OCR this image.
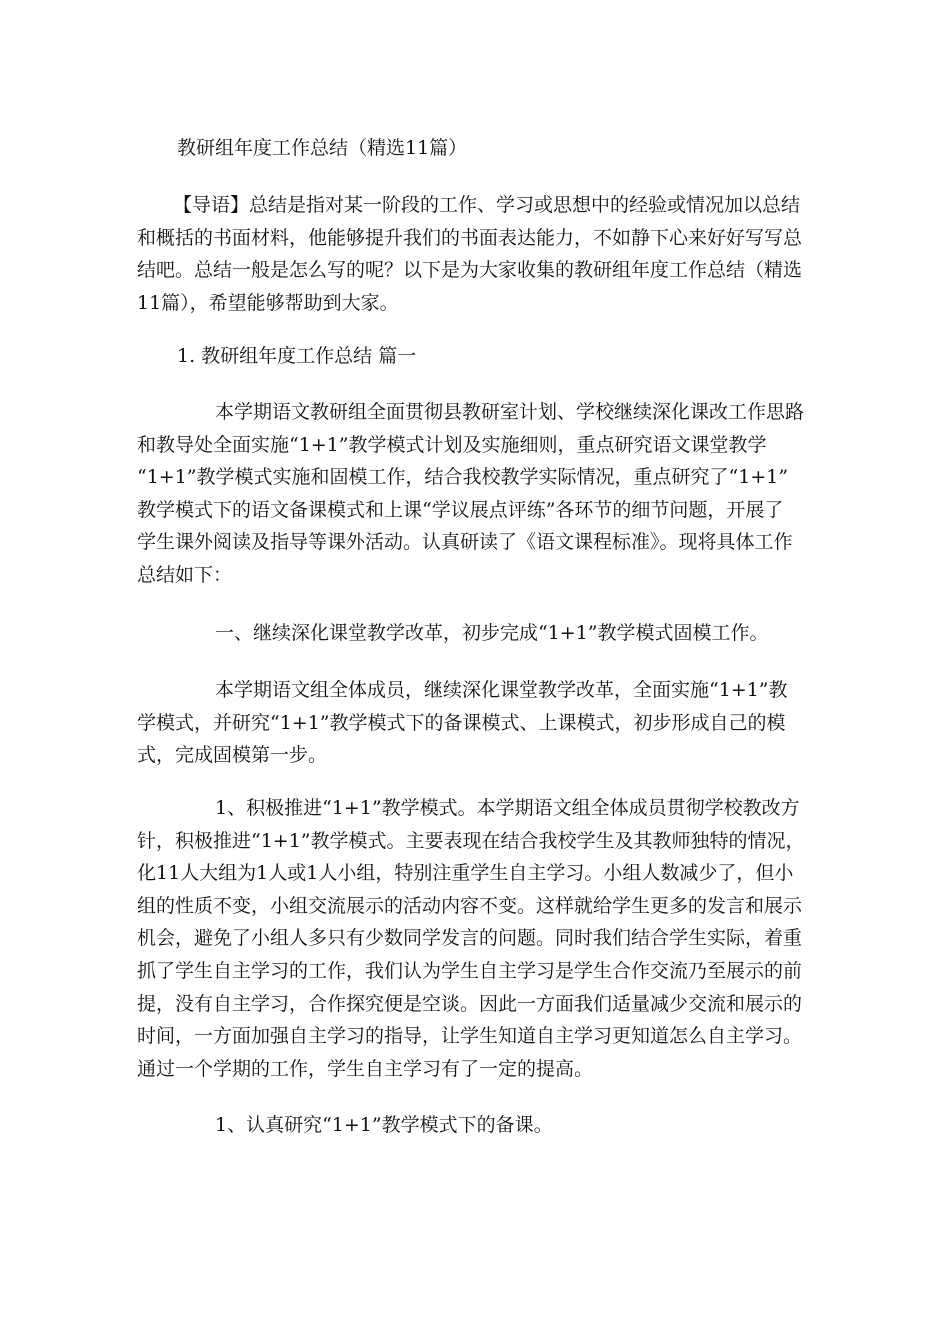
教研组年度工作总结（精选11篇）
【导语】总结是指对某一阶段的工作、学习或思想中的经验或情况加以总结
和概括的书面材料，他能够提升我们的书面表达能力，不如静下心来好好写写总
结吧。总结一般是怎么写的呢？以下是为大家收集的教研组年度工作总结（精选
11篇），希望能够帮助到大家。
1. 教研组年度工作总结 篇一
本学期语文教研组全面贯彻县教研室计划、学校继续深化课改工作思路
和教导处全面实施“1+1”教学模式计划及实施细则，重点研究语文课堂教学
“1+1”教学模式实施和固模工作，结合我校教学实际情况，重点研究了“1+1”
教学模式下的语文备课模式和上课“学议展点评练”各环节的细节问题，开展了
学生课外阅读及指导等课外活动。认真研读了《语文课程标准》。现将具体工作
总结如下：
一、继续深化课堂教学改革，初步完成“1+1”教学模式固模工作。
本学期语文组全体成员，继续深化课堂教学改革，全面实施“1+1”教
学模式，并研究“1+1”教学模式下的备课模式、上课模式，初步形成自己的模
式，完成固模第一步。
1、积极推进“1+1”教学模式。本学期语文组全体成员贯彻学校教改方
针，积极推进“1+1”教学模式。主要表现在结合我校学生及其教师独特的情况，
化11人大组为1人或1人小组，特别注重学生自主学习。小组人数减少了，但小
组的性质不变，小组交流展示的活动内容不变。这样就给学生更多的发言和展示
机会，避免了小组人多只有少数同学发言的问题。同时我们结合学生实际，着重
抓了学生自主学习的工作，我们认为学生自主学习是学生合作交流乃至展示的前
提，没有自主学习，合作探究便是空谈。因此一方面我们适量减少交流和展示的
时间，一方面加强自主学习的指导，让学生知道自主学习更知道怎么自主学习。
通过一个学期的工作，学生自主学习有了一定的提高。
1、认真研究“1+1”教学模式下的备课。
